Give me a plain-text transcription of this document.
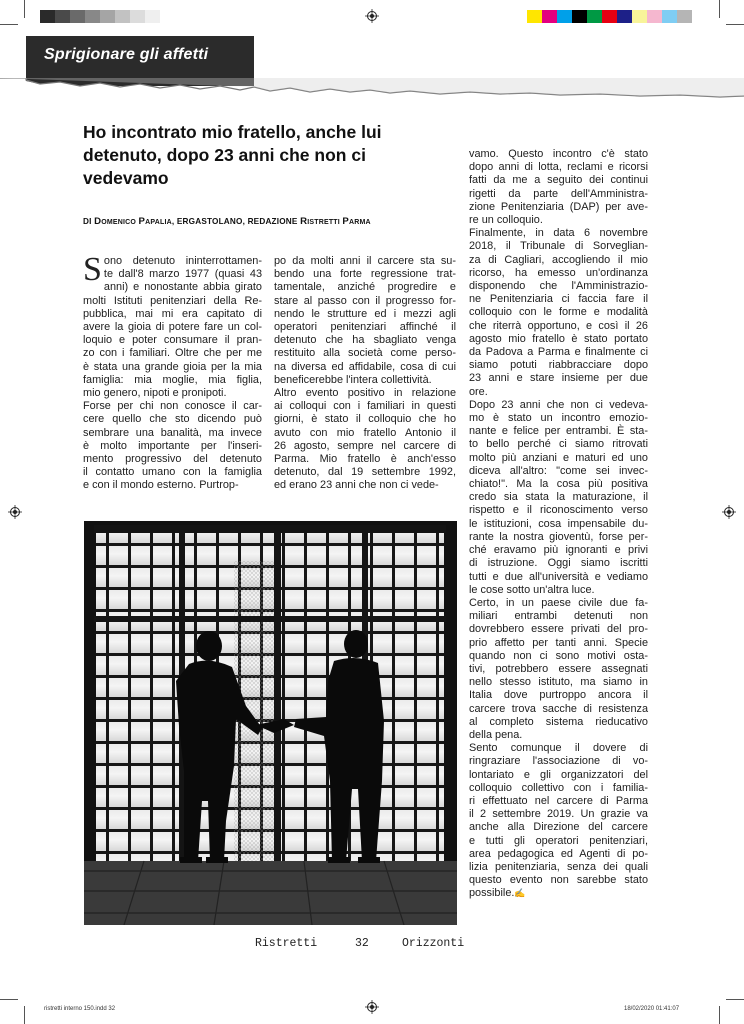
Sprigionare gli affetti
Ho incontrato mio fratello, anche lui detenuto, dopo 23 anni che non ci vedevamo
DI Domenico Papalia, ERGASTOLANO, REDAZIONE Ristretti Parma
S ono detenuto ininterrottamen-
te dall'8 marzo 1977 (quasi 43
anni) e nonostante abbia girato
molti Istituti penitenziari della Re-
pubblica, mai mi era capitato di
avere la gioia di potere fare un col-
loquio e poter consumare il pran-
zo con i familiari. Oltre che per me
è stata una grande gioia per la mia
famiglia: mia moglie, mia figlia,
mio genero, nipoti e pronipoti.
Forse per chi non conosce il car-
cere quello che sto dicendo può
sembrare una banalità, ma invece
è molto importante per l'inseri-
mento progressivo del detenuto
il contatto umano con la famiglia
e con il mondo esterno. Purtrop-
po da molti anni il carcere sta su-
bendo una forte regressione trat-
tamentale, anziché progredire e
stare al passo con il progresso for-
nendo le strutture ed i mezzi agli
operatori penitenziari affinché il
detenuto che ha sbagliato venga
restituito alla società come perso-
na diversa ed affidabile, cosa di cui
beneficerebbe l'intera collettività.
Altro evento positivo in relazione
ai colloqui con i familiari in questi
giorni, è stato il colloquio che ho
avuto con mio fratello Antonio il
26 agosto, sempre nel carcere di
Parma. Mio fratello è anch'esso
detenuto, dal 19 settembre 1992,
ed erano 23 anni che non ci vede-
vamo. Questo incontro c'è stato
dopo anni di lotta, reclami e ricorsi
fatti da me a seguito dei continui
rigetti da parte dell'Amministra-
zione Penitenziaria (DAP) per ave-
re un colloquio.
Finalmente, in data 6 novembre
2018, il Tribunale di Sorveglian-
za di Cagliari, accogliendo il mio
ricorso, ha emesso un'ordinanza
disponendo che l'Amministrazio-
ne Penitenziaria ci faccia fare il
colloquio con le forme e modalità
che riterrà opportuno, e così il 26
agosto mio fratello è stato portato
da Padova a Parma e finalmente ci
siamo potuti riabbracciare dopo
23 anni e stare insieme per due
ore.
Dopo 23 anni che non ci vedeva-
mo è stato un incontro emozio-
nante e felice per entrambi. È sta-
to bello perché ci siamo ritrovati
molto più anziani e maturi ed uno
diceva all'altro: "come sei invec-
chiato!". Ma la cosa più positiva
credo sia stata la maturazione, il
rispetto e il riconoscimento verso
le istituzioni, cosa impensabile du-
rante la nostra gioventù, forse per-
ché eravamo più ignoranti e privi
di istruzione. Oggi siamo iscritti
tutti e due all'università e vediamo
le cose sotto un'altra luce.
Certo, in un paese civile due fa-
miliari entrambi detenuti non
dovrebbero essere privati del pro-
prio affetto per tanti anni. Specie
quando non ci sono motivi osta-
tivi, potrebbero essere assegnati
nello stesso istituto, ma siamo in
Italia dove purtroppo ancora il
carcere trova sacche di resistenza
al completo sistema rieducativo
della pena.
Sento comunque il dovere di
ringraziare l'associazione di vo-
lontariato e gli organizzatori del
colloquio collettivo con i familia-
ri effettuato nel carcere di Parma
il 2 settembre 2019. Un grazie va
anche alla Direzione del carcere
e tutti gli operatori penitenziari,
area pedagogica ed Agenti di po-
lizia penitenziaria, senza dei quali
questo evento non sarebbe stato
possibile.✍
Ristretti	32	Orizzonti
ristretti interno 150.indd 32	18/02/2020 01:41:07
